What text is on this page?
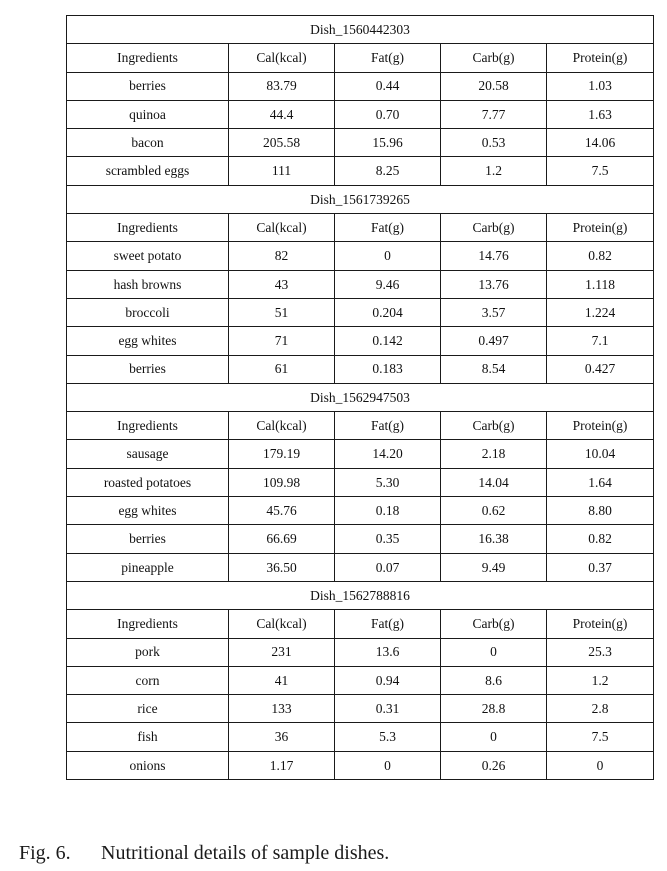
Dish_1560442303				
Ingredients	Cal(kcal)	Fat(g)	Carb(g)	Protein(g)
berries	83.79	0.44	20.58	1.03
quinoa	44.4	0.70	7.77	1.63
bacon	205.58	15.96	0.53	14.06
scrambled eggs	111	8.25	1.2	7.5
Dish_1561739265				
Ingredients	Cal(kcal)	Fat(g)	Carb(g)	Protein(g)
sweet potato	82	0	14.76	0.82
hash browns	43	9.46	13.76	1.118
broccoli	51	0.204	3.57	1.224
egg whites	71	0.142	0.497	7.1
berries	61	0.183	8.54	0.427
Dish_1562947503				
Ingredients	Cal(kcal)	Fat(g)	Carb(g)	Protein(g)
sausage	179.19	14.20	2.18	10.04
roasted potatoes	109.98	5.30	14.04	1.64
egg whites	45.76	0.18	0.62	8.80
berries	66.69	0.35	16.38	0.82
pineapple	36.50	0.07	9.49	0.37
Dish_1562788816				
Ingredients	Cal(kcal)	Fat(g)	Carb(g)	Protein(g)
pork	231	13.6	0	25.3
corn	41	0.94	8.6	1.2
rice	133	0.31	28.8	2.8
fish	36	5.3	0	7.5
onions	1.17	0	0.26	0
Fig. 6. Nutritional details of sample dishes.
